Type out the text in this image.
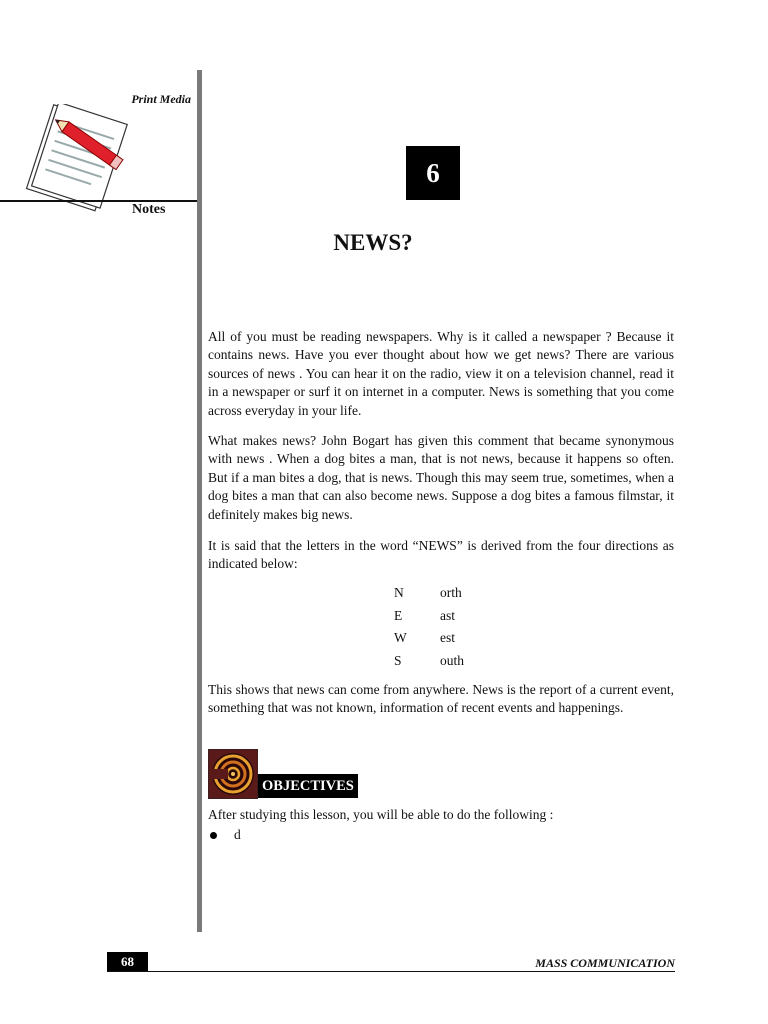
Print Media
Notes
6
NEWS?

All of you must be reading newspapers. Why is it called a newspaper ? Because it contains news. Have you ever thought about how we get news? There are various sources of news . You can hear it on the radio, view it on a television channel, read it in a newspaper or surf it on internet in a computer. News is something that you come across everyday in your life.

What makes news? John Bogart has given this comment that became synonymous with news . When a dog bites a man, that is not news, because it happens so often. But if a man bites a dog, that is news. Though this may seem true, sometimes, when a dog bites a man that can also become news. Suppose a dog bites a famous filmstar, it definitely makes big news.

It is said that the letters in the word “NEWS” is derived from the four directions as indicated below:

N	orth
E	ast
W	est
S	outh

This shows that news can come from anywhere. News is the report of a current event, something that was not known, information of recent events and happenings.

OBJECTIVES

After studying this lesson, you will be able to do the following :

d
68	MASS COMMUNICATION
